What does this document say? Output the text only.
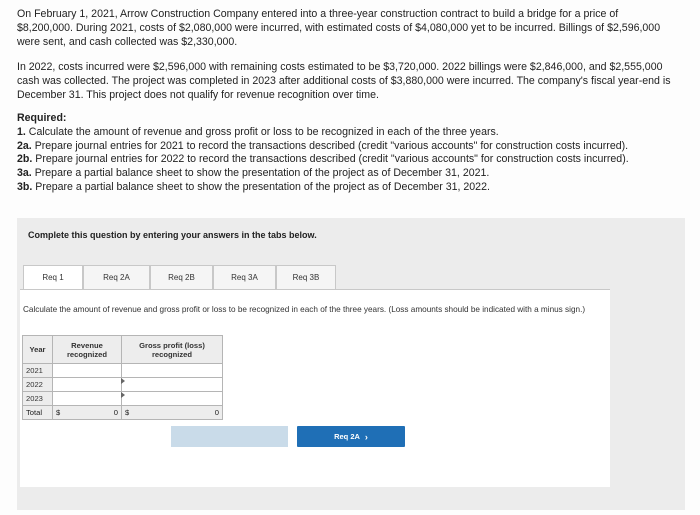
On February 1, 2021, Arrow Construction Company entered into a three-year construction contract to build a bridge for a price of $8,200,000. During 2021, costs of $2,080,000 were incurred, with estimated costs of $4,080,000 yet to be incurred. Billings of $2,596,000 were sent, and cash collected was $2,330,000.
In 2022, costs incurred were $2,596,000 with remaining costs estimated to be $3,720,000. 2022 billings were $2,846,000, and $2,555,000 cash was collected. The project was completed in 2023 after additional costs of $3,880,000 were incurred. The company's fiscal year-end is December 31. This project does not qualify for revenue recognition over time.
Required:
1. Calculate the amount of revenue and gross profit or loss to be recognized in each of the three years.
2a. Prepare journal entries for 2021 to record the transactions described (credit "various accounts" for construction costs incurred).
2b. Prepare journal entries for 2022 to record the transactions described (credit "various accounts" for construction costs incurred).
3a. Prepare a partial balance sheet to show the presentation of the project as of December 31, 2021.
3b. Prepare a partial balance sheet to show the presentation of the project as of December 31, 2022.
Complete this question by entering your answers in the tabs below.
Req 1	Req 2A	Req 2B	Req 3A	Req 3B
Calculate the amount of revenue and gross profit or loss to be recognized in each of the three years. (Loss amounts should be indicated with a minus sign.)
Year	Revenue recognized	Gross profit (loss) recognized
2021		
2022		

2023		

Total	$ 0	$ 0
Req 2A ›
